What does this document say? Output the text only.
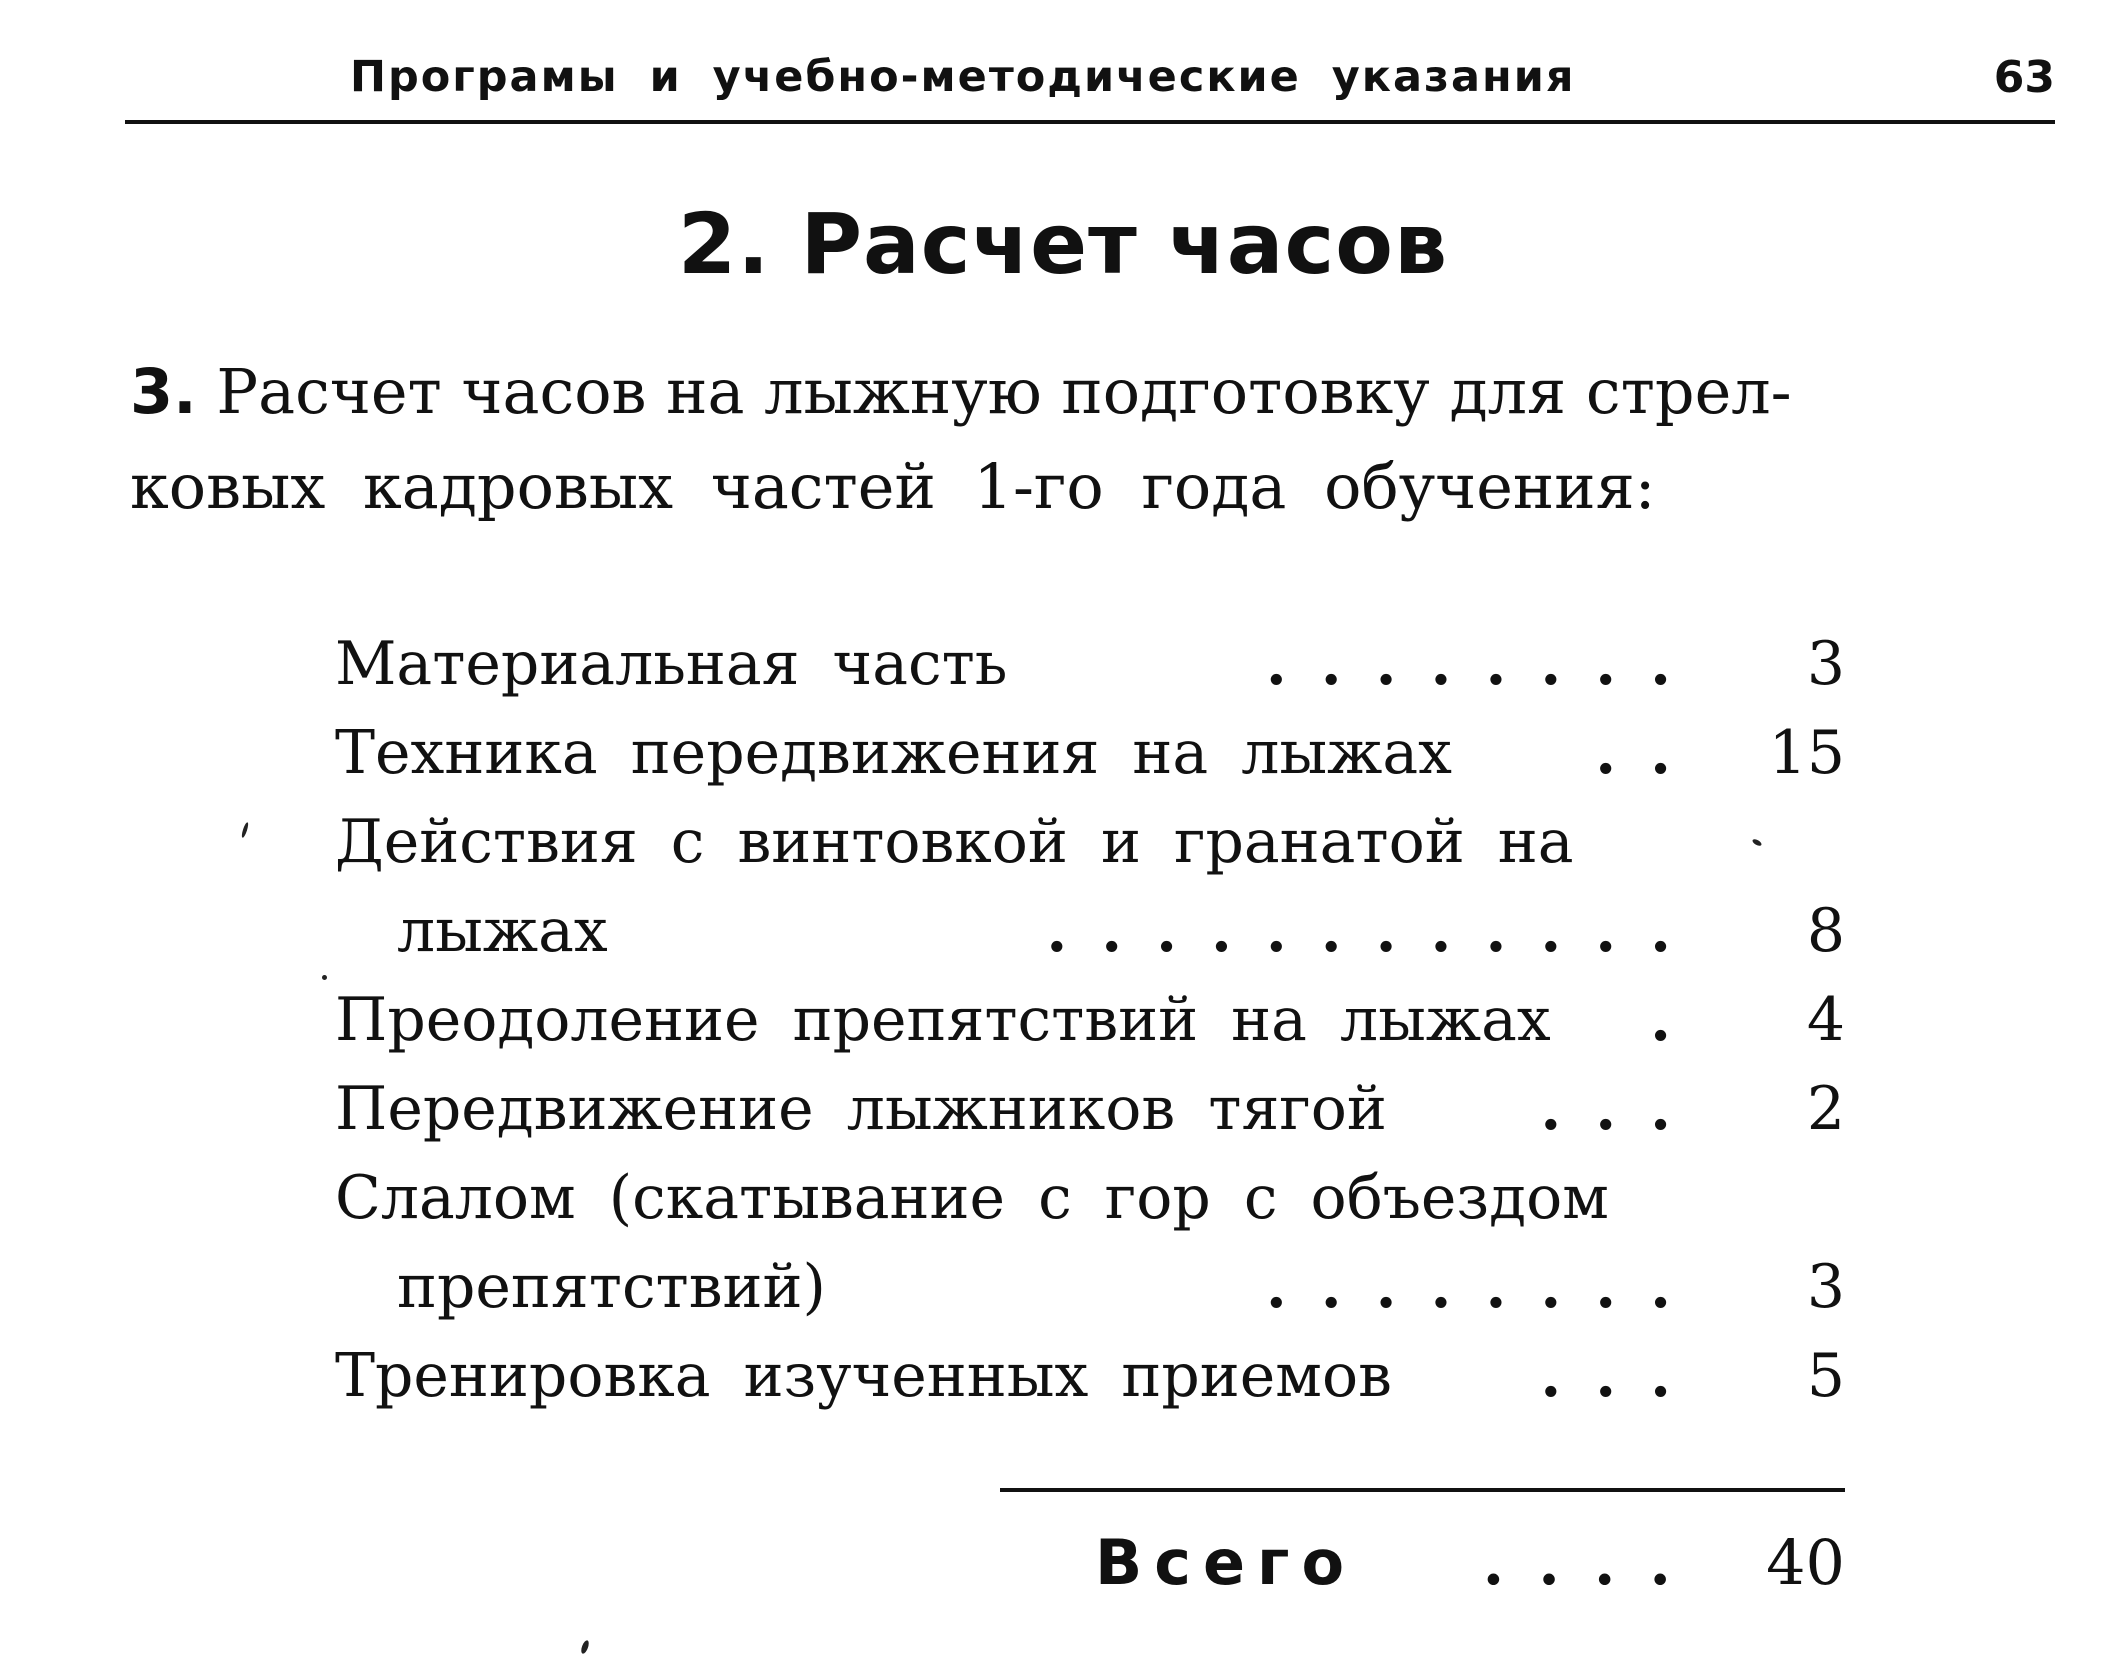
Програмы и учебно-методические указания	63
2. Расчет часов
3. Расчет часов на лыжную подготовку для стрел-
ковых кадровых частей 1-го года обучения:
Материальная часть	........	3
Техника передвижения на лыжах ..	15
Действия с винтовкой и гранатой на
лыжах	............	8
Преодоление препятствий на лыжах .	4
Передвижение лыжников тягой	...	2
Слалом (скатывание с гор с объездом
препятствий)	........	3
Тренировка изученных приемов ...	5
Всего .... 40
